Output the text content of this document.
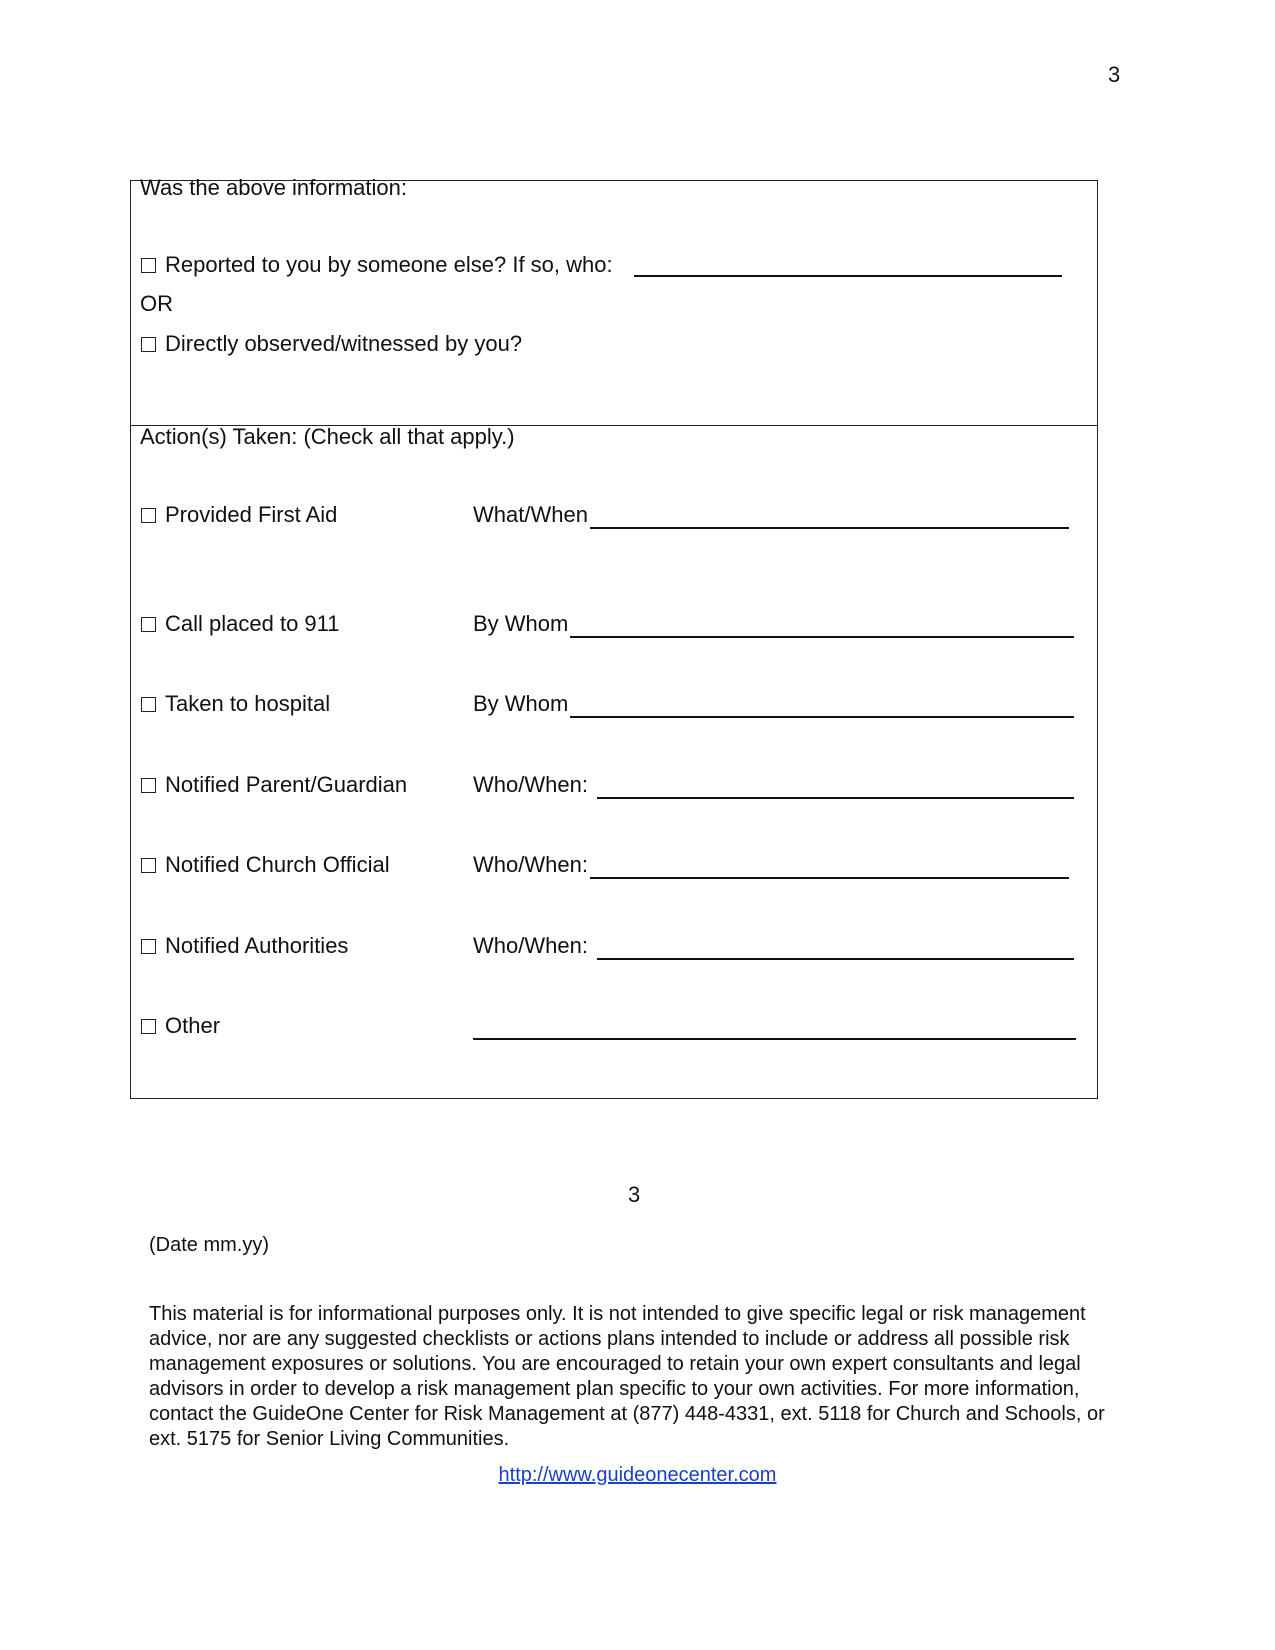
3
Was the above information:
Reported to you by someone else? If so, who:
OR
Directly observed/witnessed by you?
Action(s) Taken: (Check all that apply.)
Provided First Aid	What/When
Call placed to 911	By Whom
Taken to hospital	By Whom
Notified Parent/Guardian	Who/When:
Notified Church Official	Who/When:
Notified Authorities	Who/When:
Other
3
(Date mm.yy)
This material is for informational purposes only. It is not intended to give specific legal or risk management advice, nor are any suggested checklists or actions plans intended to include or address all possible risk management exposures or solutions. You are encouraged to retain your own expert consultants and legal advisors in order to develop a risk management plan specific to your own activities. For more information, contact the GuideOne Center for Risk Management at (877) 448-4331, ext. 5118 for Church and Schools, or ext. 5175 for Senior Living Communities.
http://www.guideonecenter.com
